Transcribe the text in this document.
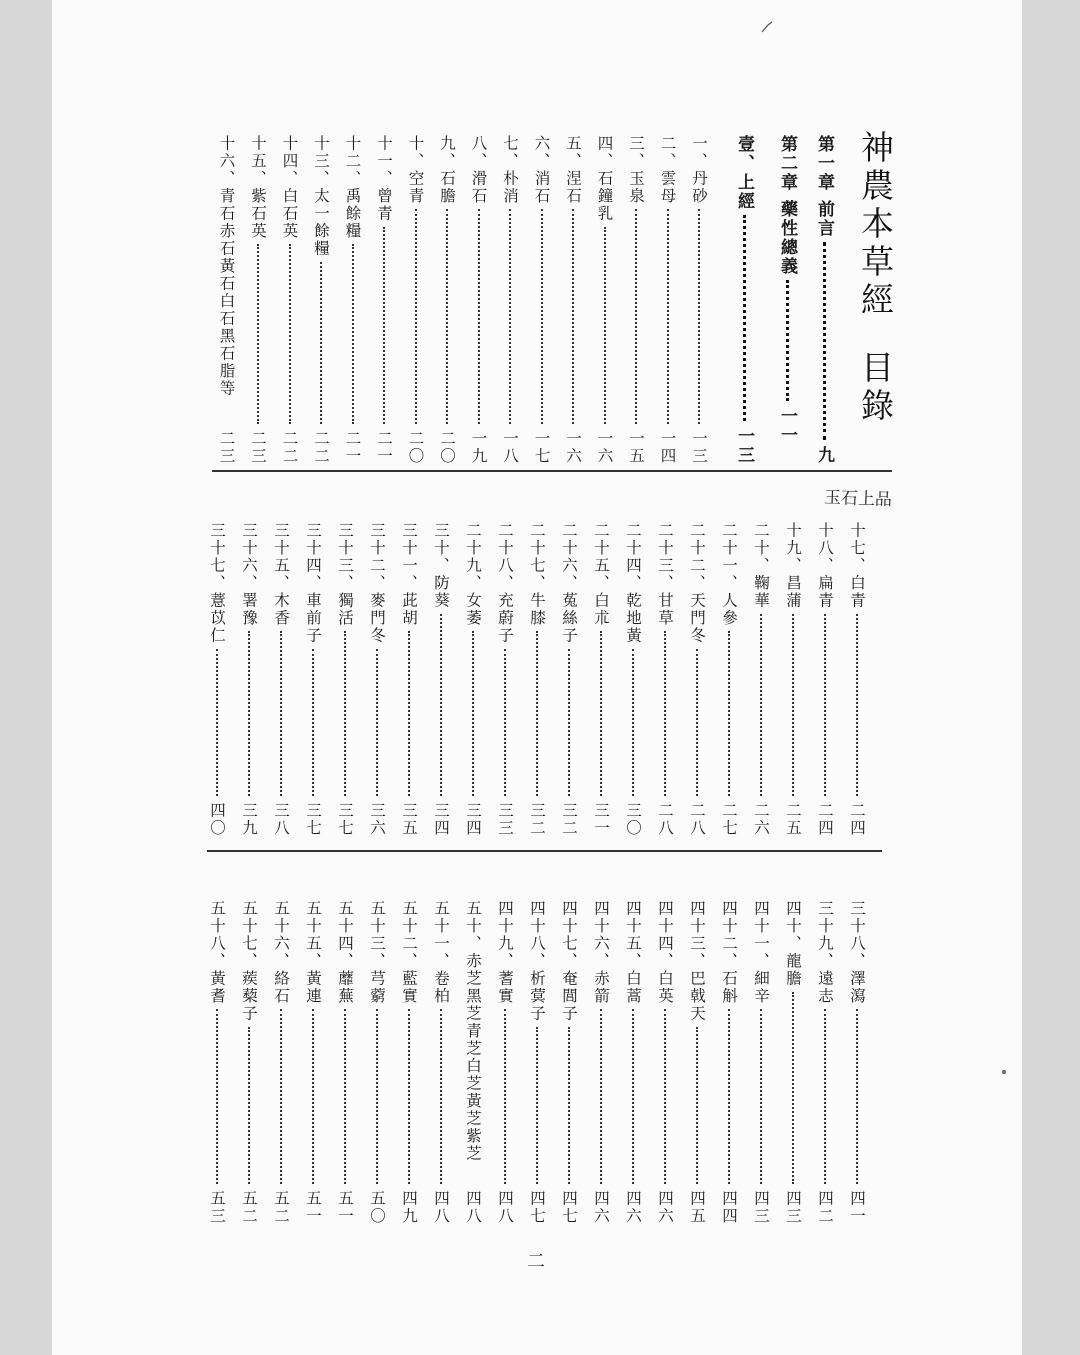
神農本草經目錄
第一章 前言
九
第二章 藥性總義
一一
壹、上經
一三
一、丹砂
一三
二、雲母
一四
三、玉泉
一五
四、石鐘乳
一六
五、涅石
一六
六、消石
一七
七、朴消
一八
八、滑石
一九
九、石膽
二〇
十、空青
二〇
十一、曾青
二一
十二、禹餘糧
二一
十三、太一餘糧
二二
十四、白石英
二二
十五、紫石英
二三
十六、青石赤石黃石白石黑石脂等
二三
玉石上品
十七、白青
二四
十八、扁青
二四
十九、昌蒲
二五
二十、鞠華
二六
二十一、人參
二七
二十二、天門冬
二八
二十三、甘草
二八
二十四、乾地黃
三〇
二十五、白朮
三一
二十六、菟絲子
三二
二十七、牛膝
三二
二十八、充蔚子
三三
二十九、女萎
三四
三十、防葵
三四
三十一、茈胡
三五
三十二、麥門冬
三六
三十三、獨活
三七
三十四、車前子
三七
三十五、木香
三八
三十六、署豫
三九
三十七、薏苡仁
四〇
三十八、澤瀉
四一
三十九、遠志
四二
四十、龍膽
四三
四十一、細辛
四三
四十二、石斛
四四
四十三、巴戟天
四五
四十四、白英
四六
四十五、白蒿
四六
四十六、赤箭
四六
四十七、奄閭子
四七
四十八、析蓂子
四七
四十九、蓍實
四八
五十、赤芝黑芝青芝白芝黃芝紫芝
四八
五十一、卷柏
四八
五十二、藍實
四九
五十三、芎藭
五〇
五十四、蘼蕪
五一
五十五、黃連
五一
五十六、絡石
五二
五十七、蒺蔾子
五二
五十八、黃耆
五三
二
